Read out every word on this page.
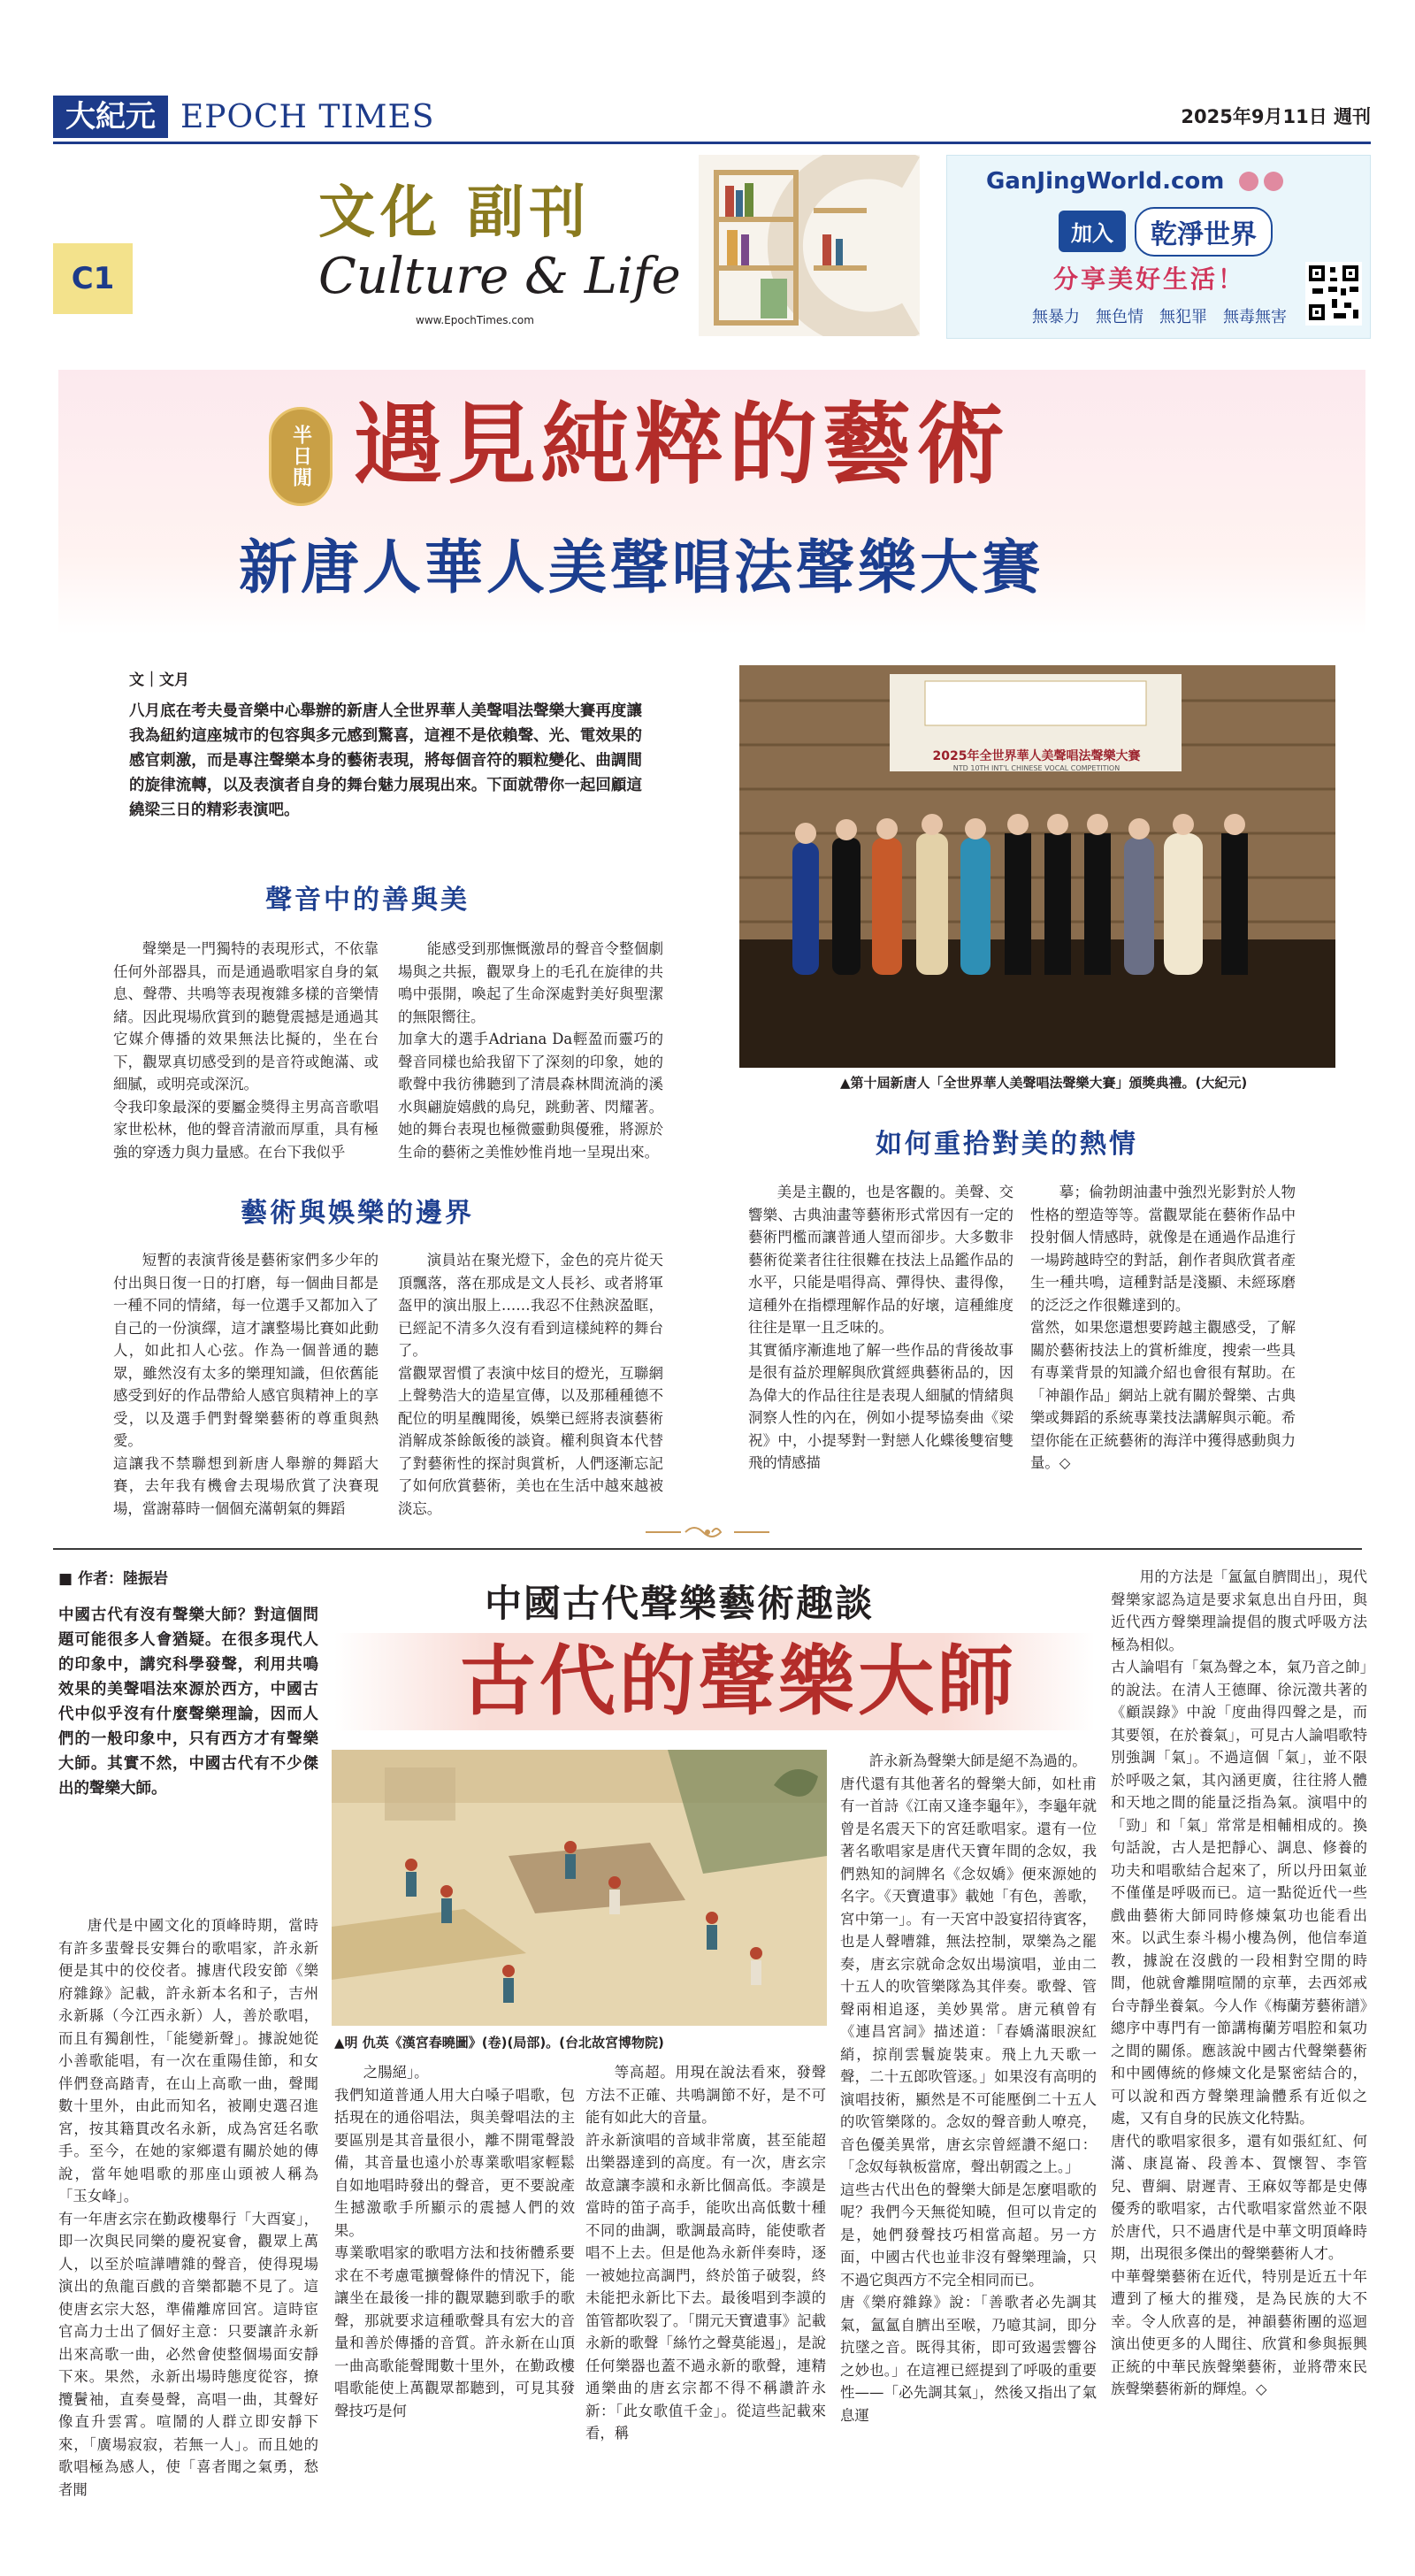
大紀元 EPOCH TIMES	2025年9月11日 週刊
C1
文化 副刊
Culture & Life
www.EpochTimes.com
GanJingWorld.com
加入	乾淨世界
分享美好生活！
無暴力　無色情　無犯罪　無毒無害
半日閒 遇見純粹的藝術
新唐人華人美聲唱法聲樂大賽
文｜文月
八月底在考夫曼音樂中心舉辦的新唐人全世界華人美聲唱法聲樂大賽再度讓我為紐約這座城市的包容與多元感到驚喜，這裡不是依賴聲、光、電效果的感官刺激，而是專注聲樂本身的藝術表現，將每個音符的顆粒變化、曲調間的旋律流轉，以及表演者自身的舞台魅力展現出來。下面就帶你一起回顧這繞梁三日的精彩表演吧。
2025年全世界華人美聲唱法聲樂大賽
NTD 10TH INT'L CHINESE VOCAL COMPETITION
▲第十屆新唐人「全世界華人美聲唱法聲樂大賽」頒獎典禮。(大紀元)
聲音中的善與美
藝術與娛樂的邊界
如何重拾對美的熱情
聲樂是一門獨特的表現形式，不依靠任何外部器具，而是通過歌唱家自身的氣息、聲帶、共鳴等表現複雜多樣的音樂情緒。因此現場欣賞到的聽覺震撼是通過其它媒介傳播的效果無法比擬的，坐在台下，觀眾真切感受到的是音符或飽滿、或細膩，或明亮或深沉。
令我印象最深的要屬金獎得主男高音歌唱家世松林，他的聲音清澈而厚重，具有極強的穿透力與力量感。在台下我似乎
能感受到那憮慨激昂的聲音令整個劇場與之共振，觀眾身上的毛孔在旋律的共鳴中張開，喚起了生命深處對美好與聖潔的無限嚮往。
加拿大的選手Adriana Da輕盈而靈巧的聲音同樣也給我留下了深刻的印象，她的歌聲中我彷彿聽到了清晨森林間流淌的溪水與翩旋嬉戲的鳥兒，跳動著、閃耀著。她的舞台表現也極微靈動與優雅，將源於生命的藝術之美惟妙惟肖地一呈現出來。
短暫的表演背後是藝術家們多少年的付出與日復一日的打磨，每一個曲目都是一種不同的情緒，每一位選手又都加入了自己的一份演繹，這才讓整場比賽如此動人，如此扣人心弦。作為一個普通的聽眾，雖然沒有太多的樂理知識，但依舊能感受到好的作品帶給人感官與精神上的享受，以及選手們對聲樂藝術的尊重與熱愛。
這讓我不禁聯想到新唐人舉辦的舞蹈大賽，去年我有機會去現場欣賞了決賽現場，當謝幕時一個個充滿朝氣的舞蹈
演員站在聚光燈下，金色的亮片從天頂飄落，落在那成是文人長衫、或者將軍盔甲的演出服上……我忍不住熱淚盈眶，已經記不清多久沒有看到這樣純粹的舞台了。
當觀眾習慣了表演中炫目的燈光，互聯網上聲勢浩大的造星宣傳，以及那種種德不配位的明星醜聞後，娛樂已經將表演藝術消解成茶餘飯後的談資。權利與資本代替了對藝術性的探討與賞析，人們逐漸忘記了如何欣賞藝術，美也在生活中越來越被淡忘。
美是主觀的，也是客觀的。美聲、交響樂、古典油畫等藝術形式常因有一定的藝術門檻而讓普通人望而卻步。大多數非藝術從業者往往很難在技法上品鑑作品的水平，只能是唱得高、彈得快、畫得像，這種外在指標理解作品的好壞，這種維度往往是單一且乏味的。
其實循序漸進地了解一些作品的背後故事是很有益於理解與欣賞經典藝術品的，因為偉大的作品往往是表現人細膩的情緒與洞察人性的內在，例如小提琴協奏曲《梁祝》中，小提琴對一對戀人化蝶後雙宿雙飛的情感描
摹；倫勃朗油畫中強烈光影對於人物性格的塑造等等。當觀眾能在藝術作品中投射個人情感時，就像是在通過作品進行一場跨越時空的對話，創作者與欣賞者產生一種共鳴，這種對話是淺顯、未經琢磨的泛泛之作很難達到的。
當然，如果您還想要跨越主觀感受，了解關於藝術技法上的賞析維度，搜索一些具有專業背景的知識介紹也會很有幫助。在「神韻作品」網站上就有關於聲樂、古典樂或舞蹈的系統專業技法講解與示範。希望你能在正統藝術的海洋中獲得感動與力量。◇
■ 作者：陸振岩
中國古代有沒有聲樂大師？對這個問題可能很多人會猶疑。在很多現代人的印象中，講究科學發聲，利用共鳴效果的美聲唱法來源於西方，中國古代中似乎沒有什麼聲樂理論，因而人們的一般印象中，只有西方才有聲樂大師。其實不然，中國古代有不少傑出的聲樂大師。
中國古代聲樂藝術趣談
古代的聲樂大師
▲明 仇英《漢宮春曉圖》(卷)(局部)。(台北故宮博物院)
唐代是中國文化的頂峰時期，當時有許多蜚聲長安舞台的歌唱家，許永新便是其中的佼佼者。據唐代段安節《樂府雜錄》記載，許永新本名和子，吉州永新縣（今江西永新）人，善於歌唱，而且有獨創性，「能變新聲」。據說她從小善歌能唱，有一次在重陽佳節，和女伴們登高踏青，在山上高歌一曲，聲聞數十里外，由此而知名，被剛史選召進宮，按其籍貫改名永新，成為宮廷名歌手。至今，在她的家鄉還有關於她的傳說，當年她唱歌的那座山頭被人稱為「玉女峰」。
有一年唐玄宗在勤政樓舉行「大酉宴」，即一次與民同樂的慶祝宴會，觀眾上萬人，以至於喧譁嘈雜的聲音，使得現場演出的魚龍百戲的音樂都聽不見了。這使唐玄宗大怒，準備離席回宮。這時宦官高力士出了個好主意：只要讓許永新出來高歌一曲，必然會使整個場面安靜下來。果然，永新出場時態度從容，撩攬鬢袖，直奏曼聲，高唱一曲，其聲好像直升雲霄。喧鬧的人群立即安靜下來，「廣場寂寂，若無一人」。而且她的歌唱極為感人，使「喜者聞之氣勇，愁者聞
之腸絕」。
我們知道普通人用大白嗓子唱歌，包括現在的通俗唱法，與美聲唱法的主要區別是其音量很小，離不開電聲設備，其音量也遠小於專業歌唱家輕鬆自如地唱時發出的聲音，更不要說產生撼激歌手所顯示的震撼人們的效果。
專業歌唱家的歌唱方法和技術體系要求在不考慮電擴聲條件的情況下，能讓坐在最後一排的觀眾聽到歌手的歌聲，那就要求這種歌聲具有宏大的音量和善於傳播的音質。許永新在山頂一曲高歌能聲聞數十里外，在勤政樓唱歌能使上萬觀眾都聽到，可見其發聲技巧是何
等高超。用現在說法看來，發聲方法不正確、共鳴調節不好，是不可能有如此大的音量。
許永新演唱的音域非常廣，甚至能超出樂器達到的高度。有一次，唐玄宗故意讓李謨和永新比個高低。李謨是當時的笛子高手，能吹出高低數十種不同的曲調，歌調最高時，能使歌者唱不上去。但是他為永新伴奏時，逐一被她拉高調門，終於笛子破裂，終未能把永新比下去。最後唱到李謨的笛管都吹裂了。「開元天寶遺事》記載永新的歌聲「絲竹之聲莫能遏」，是說任何樂器也蓋不過永新的歌聲，連精通樂曲的唐玄宗都不得不稱讚許永新：「此女歌值千金」。從這些記載來看，稱
許永新為聲樂大師是絕不為過的。
唐代還有其他著名的聲樂大師，如杜甫有一首詩《江南又逢李龜年》，李龜年就曾是名震天下的宮廷歌唱家。還有一位著名歌唱家是唐代天寶年間的念奴，我們熟知的詞牌名《念奴嬌》便來源她的名字。《天寶遺事》載她「有色，善歌，宮中第一」。有一天宮中設宴招待賓客，也是人聲嘈雜，無法控制，眾樂為之罷奏，唐玄宗就命念奴出場演唱，並由二十五人的吹管樂隊為其伴奏。歌聲、管聲兩相追逐，美妙異常。唐元稹曾有《連昌宮詞》描述道：「春嬌滿眼淚紅綃，掠削雲鬟旋裝束。飛上九天歌一聲，二十五郎吹管逐。」如果沒有高明的演唱技術，顯然是不可能壓倒二十五人的吹管樂隊的。念奴的聲音動人嘹亮，音色優美異常，唐玄宗曾經讚不絕口：「念奴每執板當席，聲出朝霞之上。」
這些古代出色的聲樂大師是怎麼唱歌的呢？我們今天無從知曉，但可以肯定的是，她們發聲技巧相當高超。另一方面，中國古代也並非沒有聲樂理論，只不過它與西方不完全相同而已。
唐《樂府雜錄》說：「善歌者必先調其氣，氳氳自臍出至喉，乃噫其詞，即分抗墜之音。既得其術，即可致遏雲響谷之妙也。」在這裡已經提到了呼吸的重要性——「必先調其氣」，然後又指出了氣息運
用的方法是「氳氳自臍間出」，現代聲樂家認為這是要求氣息出自丹田，與近代西方聲樂理論提倡的腹式呼吸方法極為相似。
古人論唱有「氣為聲之本，氣乃音之帥」的說法。在清人王德暉、徐沅澂共著的《顧誤錄》中說「度曲得四聲之是，而其要領，在於養氣」，可見古人論唱歌特別強調「氣」。不過這個「氣」，並不限於呼吸之氣，其內涵更廣，往往將人體和天地之間的能量泛指為氣。演唱中的「勁」和「氣」常常是相輔相成的。換句話說，古人是把靜心、調息、修養的功夫和唱歌結合起來了，所以丹田氣並不僅僅是呼吸而已。這一點從近代一些戲曲藝術大師同時修煉氣功也能看出來。以武生泰斗楊小樓為例，他信奉道教，據說在沒戲的一段相對空閒的時間，他就會離開喧鬧的京華，去西郊戒台寺靜坐養氣。今人作《梅蘭芳藝術譜》總序中專門有一節講梅蘭芳唱腔和氣功之間的關係。應該說中國古代聲樂藝術和中國傳統的修煉文化是緊密結合的，可以說和西方聲樂理論體系有近似之處，又有自身的民族文化特點。
唐代的歌唱家很多，還有如張紅紅、何滿、康崑崙、段善本、賀懷智、李管兒、曹綱、尉遲青、王麻奴等都是史傳優秀的歌唱家，古代歌唱家當然並不限於唐代，只不過唐代是中華文明頂峰時期，出現很多傑出的聲樂藝術人才。
中華聲樂藝術在近代，特別是近五十年遭到了極大的摧殘，是為民族的大不幸。令人欣喜的是，神韻藝術團的巡迴演出使更多的人聞往、欣賞和參與振興正統的中華民族聲樂藝術，並將帶來民族聲樂藝術新的輝煌。◇
